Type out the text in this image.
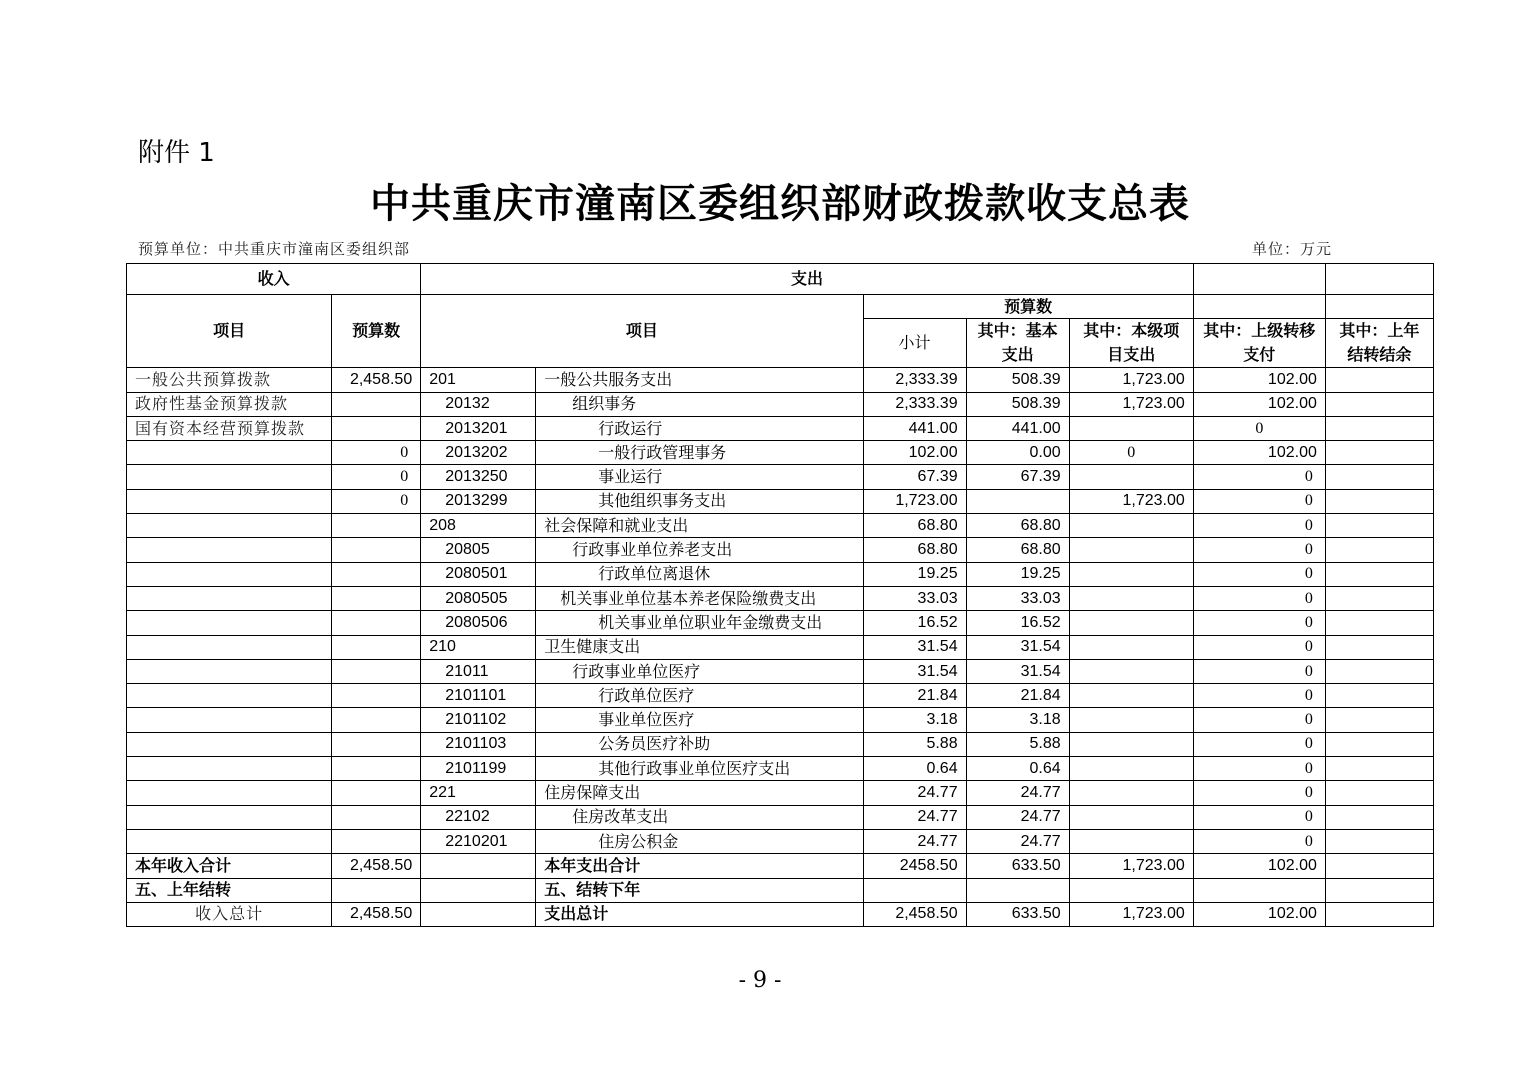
附件 1
中共重庆市潼南区委组织部财政拨款收支总表
预算单位：中共重庆市潼南区委组织部	单位：万元
收入		支出						
项目	预算数	项目		预算数				
				小计	其中：基本支出	其中：本级项目支出	其中：上级转移支付	其中：上年结转结余
一般公共预算拨款	2,458.50	201	一般公共服务支出	2,333.39	508.39	1,723.00	102.00	
政府性基金预算拨款		20132	组织事务	2,333.39	508.39	1,723.00	102.00	
国有资本经营预算拨款		2013201	行政运行	441.00	441.00		0	
	0	2013202	一般行政管理事务	102.00	0.00	0	102.00	
	0	2013250	事业运行	67.39	67.39		0	
	0	2013299	其他组织事务支出	1,723.00		1,723.00	0	
		208	社会保障和就业支出	68.80	68.80		0	
		20805	行政事业单位养老支出	68.80	68.80		0	
		2080501	行政单位离退休	19.25	19.25		0	
		2080505	机关事业单位基本养老保险缴费支出	33.03	33.03		0	
		2080506	机关事业单位职业年金缴费支出	16.52	16.52		0	
		210	卫生健康支出	31.54	31.54		0	
		21011	行政事业单位医疗	31.54	31.54		0	
		2101101	行政单位医疗	21.84	21.84		0	
		2101102	事业单位医疗	3.18	3.18		0	
		2101103	公务员医疗补助	5.88	5.88		0	
		2101199	其他行政事业单位医疗支出	0.64	0.64		0	
		221	住房保障支出	24.77	24.77		0	
		22102	住房改革支出	24.77	24.77		0	
		2210201	住房公积金	24.77	24.77		0	
本年收入合计	2,458.50		本年支出合计	2458.50	633.50	1,723.00	102.00	
五、上年结转			五、结转下年					
收入总计	2,458.50		支出总计	2,458.50	633.50	1,723.00	102.00	
- 9 -
